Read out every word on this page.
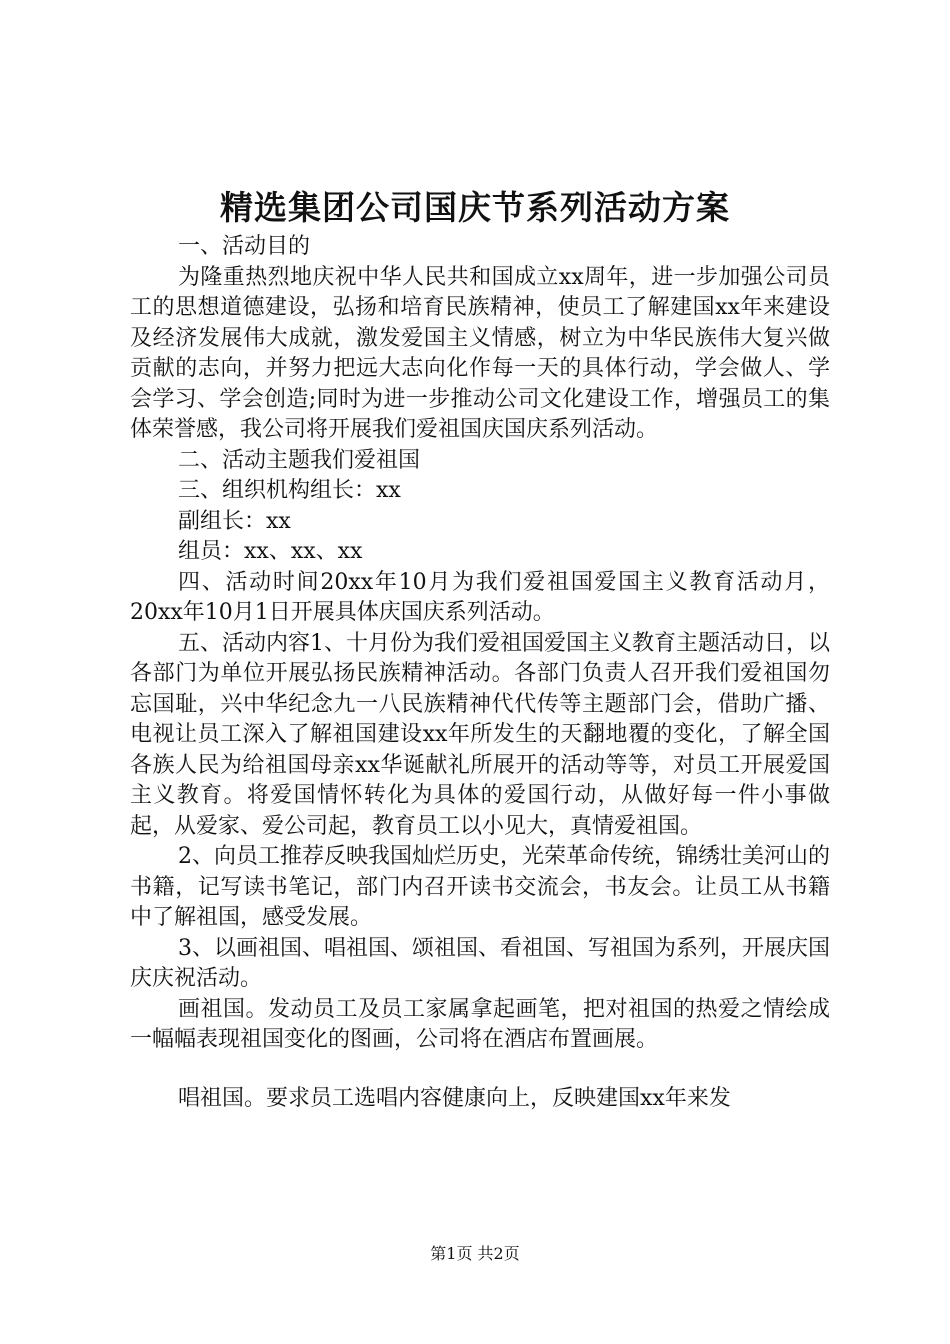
精选集团公司国庆节系列活动方案

一、活动目的

为隆重热烈地庆祝中华人民共和国成立xx周年，进一步加强公司员工的思想道德建设，弘扬和培育民族精神，使员工了解建国xx年来建设及经济发展伟大成就，激发爱国主义情感，树立为中华民族伟大复兴做贡献的志向，并努力把远大志向化作每一天的具体行动，学会做人、学会学习、学会创造;同时为进一步推动公司文化建设工作，增强员工的集体荣誉感，我公司将开展我们爱祖国庆国庆系列活动。

二、活动主题我们爱祖国

三、组织机构组长：xx

副组长：xx

组员：xx、xx、xx

四、活动时间20xx年10月为我们爱祖国爱国主义教育活动月，20xx年10月1日开展具体庆国庆系列活动。

五、活动内容1、十月份为我们爱祖国爱国主义教育主题活动日，以各部门为单位开展弘扬民族精神活动。各部门负责人召开我们爱祖国勿忘国耻，兴中华纪念九一八民族精神代代传等主题部门会，借助广播、电视让员工深入了解祖国建设xx年所发生的天翻地覆的变化，了解全国各族人民为给祖国母亲xx华诞献礼所展开的活动等等，对员工开展爱国主义教育。将爱国情怀转化为具体的爱国行动，从做好每一件小事做起，从爱家、爱公司起，教育员工以小见大，真情爱祖国。

2、向员工推荐反映我国灿烂历史，光荣革命传统，锦绣壮美河山的书籍，记写读书笔记，部门内召开读书交流会，书友会。让员工从书籍中了解祖国，感受发展。

3、以画祖国、唱祖国、颂祖国、看祖国、写祖国为系列，开展庆国庆庆祝活动。

画祖国。发动员工及员工家属拿起画笔，把对祖国的热爱之情绘成一幅幅表现祖国变化的图画，公司将在酒店布置画展。

唱祖国。要求员工选唱内容健康向上，反映建国xx年来发

第1页 共2页
